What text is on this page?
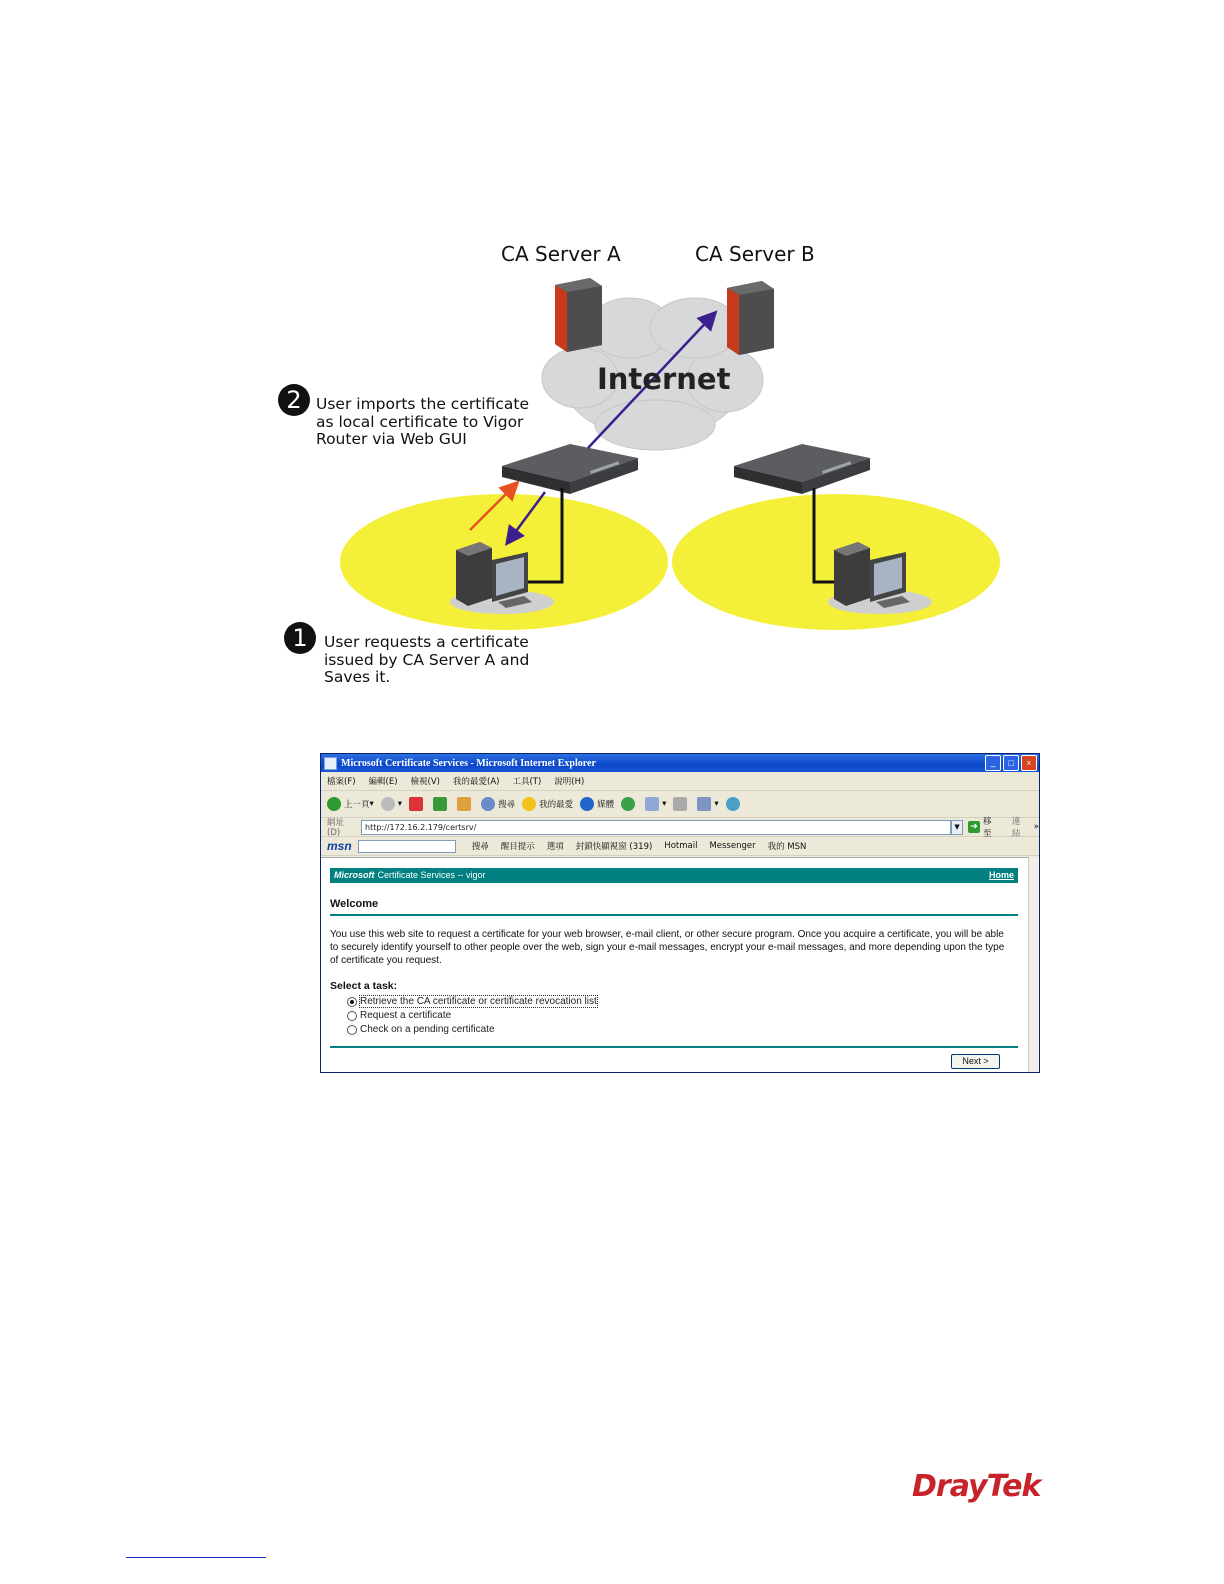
CA Server A	CA Server B
Internet
2 User imports the certificate
as local certificate to Vigor
Router via Web GUI
1	User requests a certificate
issued by CA Server A and
Saves it.
Microsoft Certificate Services - Microsoft Internet Explorer	_	□	×
檔案(F) 編輯(E) 檢視(V) 我的最愛(A) 工具(T) 說明(H)
上一頁 ▾	▾	搜尋	我的最愛	媒體	▾	▾
網址(D)
http://172.16.2.179/certsrv/	▼	➔ 移至
連結
»
msn	搜尋 醒目提示 選項 封鎖快顯視窗 (319) Hotmail Messenger 我的 MSN
Microsoft Certificate Services -- vigor	Home
Welcome
You use this web site to request a certificate for your web browser, e-mail client, or other secure program. Once you acquire a certificate, you will be able to securely identify yourself to other people over the web, sign your e-mail messages, encrypt your e-mail messages, and more depending upon the type of certificate you request.
Select a task:
Retrieve the CA certificate or certificate revocation list
Request a certificate
Check on a pending certificate
Next >
DrayTek
